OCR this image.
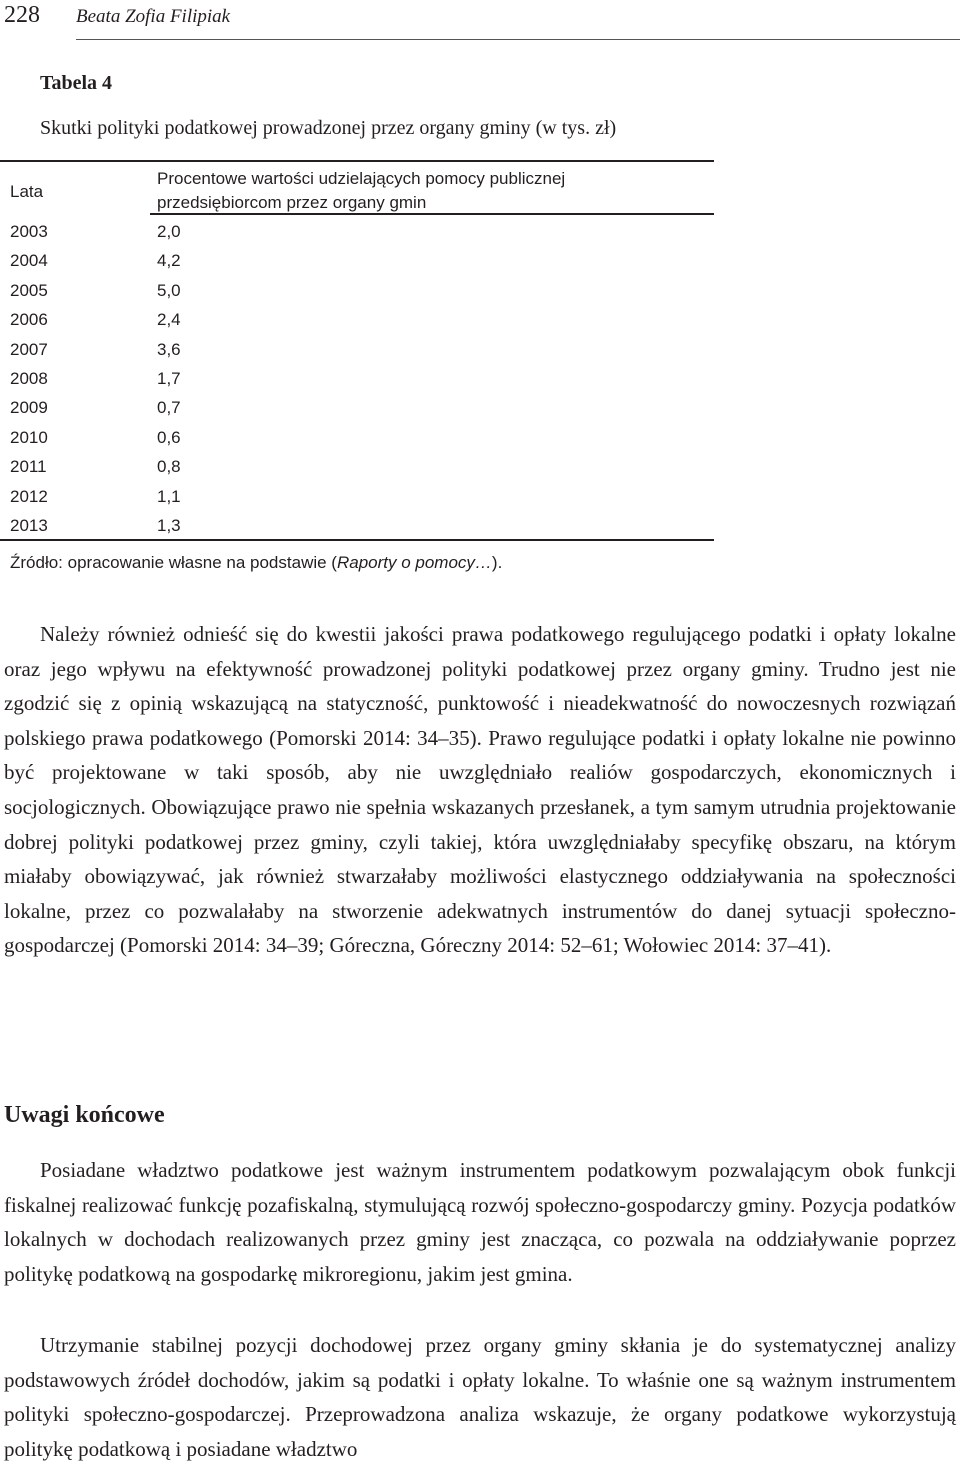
228 Beata Zofia Filipiak
Tabela 4
Skutki polityki podatkowej prowadzonej przez organy gminy (w tys. zł)
Lata
Procentowe wartości udzielających pomocy publicznej
przedsiębiorcom przez organy gmin
2003	2,0
2004	4,2
2005	5,0
2006	2,4
2007	3,6
2008	1,7
2009	0,7
2010	0,6
2011	0,8
2012	1,1
2013	1,3
Źródło: opracowanie własne na podstawie (Raporty o pomocy…).

Należy również odnieść się do kwestii jakości prawa podatkowego regulującego podatki i opłaty lokalne oraz jego wpływu na efektywność prowadzonej polityki podatkowej przez organy gminy. Trudno jest nie zgodzić się z opinią wskazującą na statyczność, punktowość i nieadekwatność do nowoczesnych rozwiązań polskiego prawa podatkowego (Pomorski 2014: 34–35). Prawo regulujące podatki i opłaty lokalne nie powinno być projektowane w taki sposób, aby nie uwzględniało realiów gospodarczych, ekonomicznych i socjologicznych. Obowiązujące prawo nie spełnia wskazanych przesłanek, a tym samym utrudnia projektowanie dobrej polityki podatkowej przez gminy, czyli takiej, która uwzględniałaby specyfikę obszaru, na którym miałaby obowiązywać, jak również stwarzałaby możliwości elastycznego oddziaływania na społeczności lokalne, przez co pozwalałaby na stworzenie adekwatnych instrumentów do danej sytuacji społeczno-gospodarczej (Pomorski 2014: 34–39; Góreczna, Góreczny 2014: 52–61; Wołowiec 2014: 37–41).

Uwagi końcowe

Posiadane władztwo podatkowe jest ważnym instrumentem podatkowym pozwalającym obok funkcji fiskalnej realizować funkcję pozafiskalną, stymulującą rozwój społeczno-gospodarczy gminy. Pozycja podatków lokalnych w dochodach realizowanych przez gminy jest znacząca, co pozwala na oddziaływanie poprzez politykę podatkową na gospodarkę mikroregionu, jakim jest gmina.

Utrzymanie stabilnej pozycji dochodowej przez organy gminy skłania je do systematycznej analizy podstawowych źródeł dochodów, jakim są podatki i opłaty lokalne. To właśnie one są ważnym instrumentem polityki społeczno-gospodarczej. Przeprowadzona analiza wskazuje, że organy podatkowe wykorzystują politykę podatkową i posiadane władztwo
